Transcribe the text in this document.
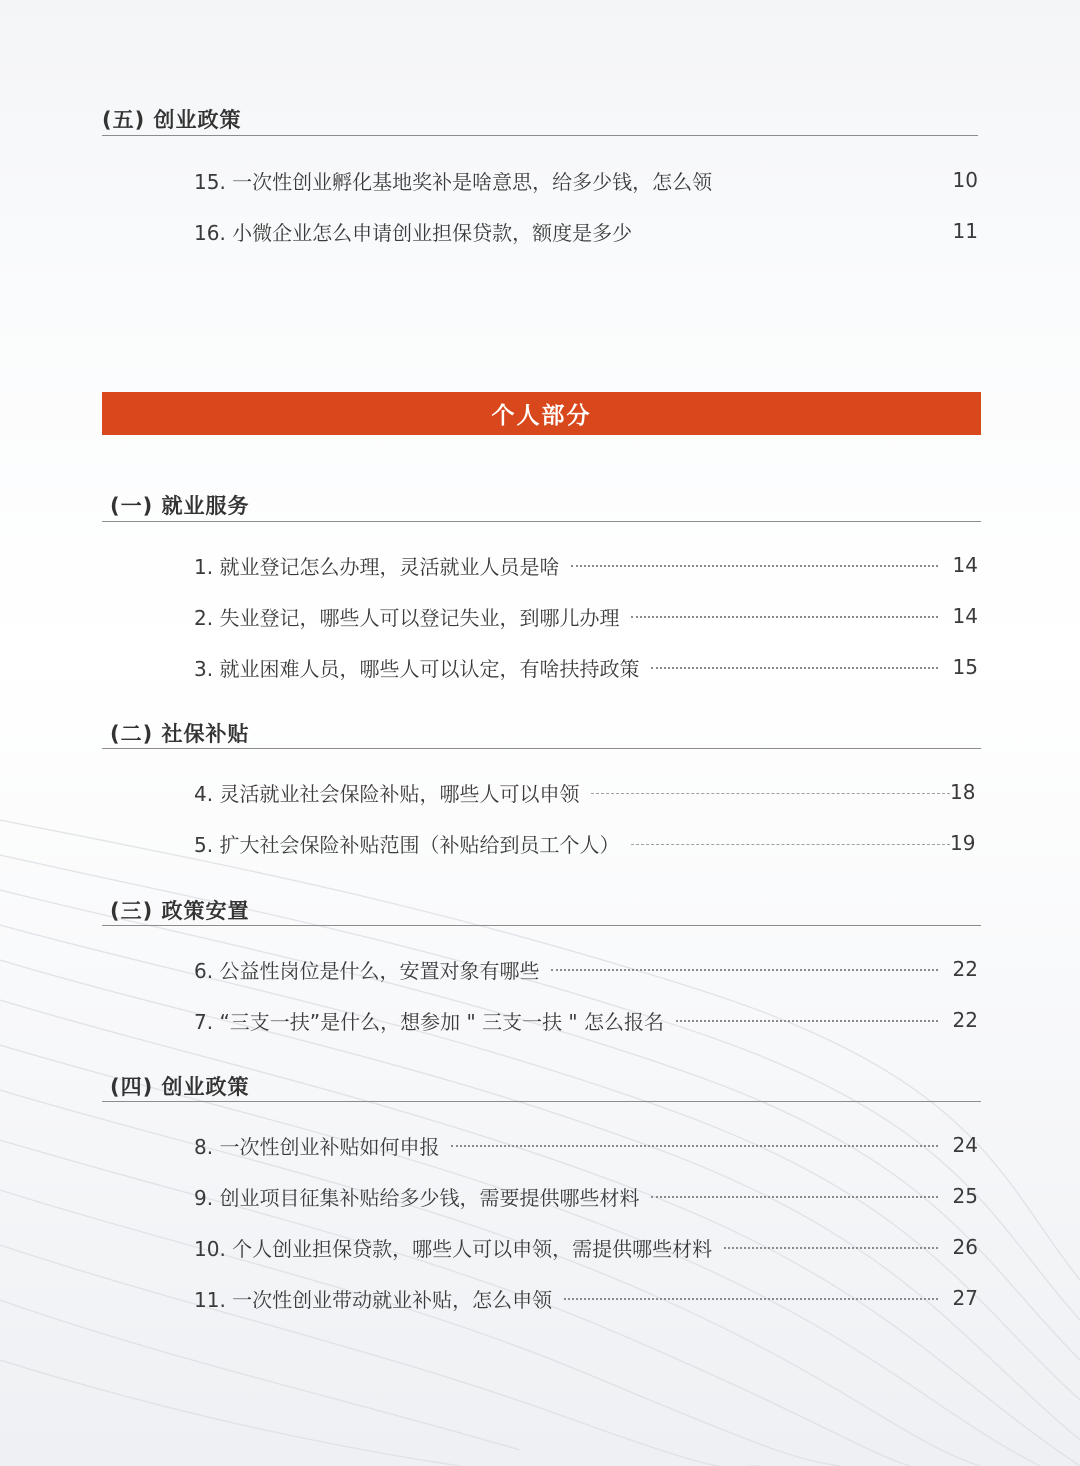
(五) 创业政策
15. 一次性创业孵化基地奖补是啥意思，给多少钱，怎么领	10
16. 小微企业怎么申请创业担保贷款，额度是多少	11
个人部分
(一) 就业服务
1. 就业登记怎么办理，灵活就业人员是啥	14
2. 失业登记，哪些人可以登记失业，到哪儿办理	14
3. 就业困难人员，哪些人可以认定，有啥扶持政策	15
(二) 社保补贴
4. 灵活就业社会保险补贴，哪些人可以申领	18
5. 扩大社会保险补贴范围（补贴给到员工个人）	19
(三) 政策安置
6. 公益性岗位是什么，安置对象有哪些	22
7. “三支一扶”是什么，想参加 " 三支一扶 " 怎么报名	22
(四) 创业政策
8. 一次性创业补贴如何申报	24
9. 创业项目征集补贴给多少钱，需要提供哪些材料	25
10. 个人创业担保贷款，哪些人可以申领，需提供哪些材料	26
11. 一次性创业带动就业补贴，怎么申领	27
